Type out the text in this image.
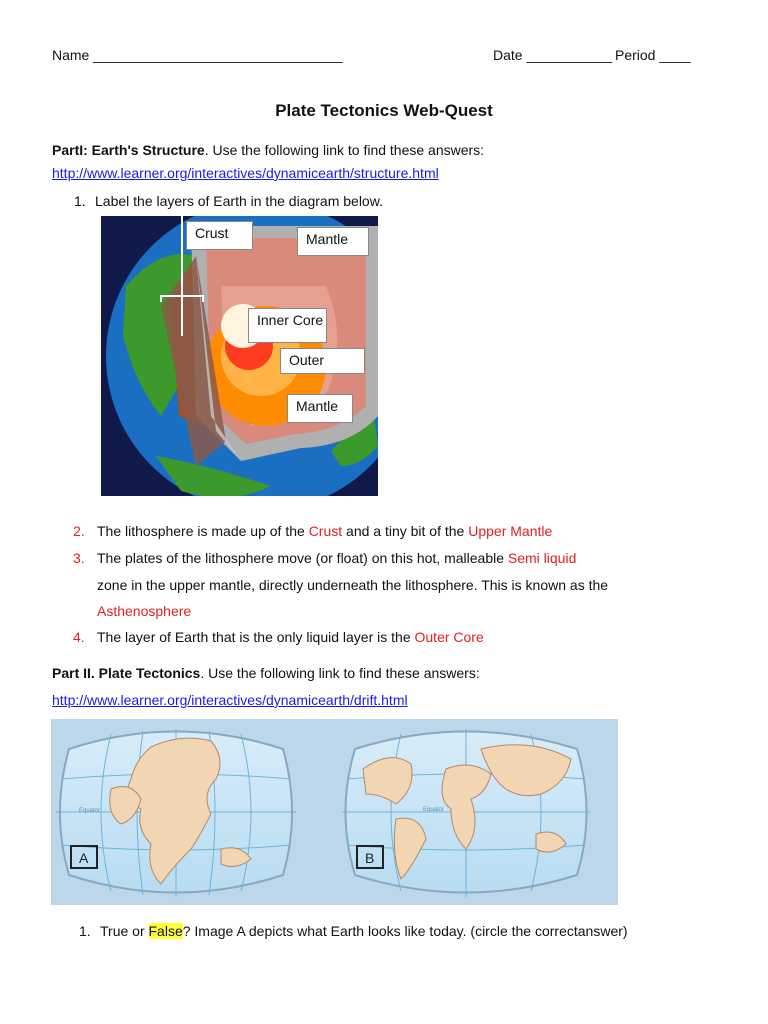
Name ________________________________	Date ___________ Period ____
Plate Tectonics Web-Quest
PartI: Earth's Structure. Use the following link to find these answers:
http://www.learner.org/interactives/dynamicearth/structure.html
1. Label the layers of Earth in the diagram below.
Crust	Mantle
Inner Core
Outer
Mantle
2. The lithosphere is made up of the Crust and a tiny bit of the Upper Mantle
3. The plates of the lithosphere move (or float) on this hot, malleable Semi liquid
zone in the upper mantle, directly underneath the lithosphere. This is known as the
Asthenosphere
4. The layer of Earth that is the only liquid layer is the Outer Core
Part II. Plate Tectonics. Use the following link to find these answers:
http://www.learner.org/interactives/dynamicearth/drift.html
A
Equator
B
Equator
1. True or False? Image A depicts what Earth looks like today. (circle the correctanswer)
